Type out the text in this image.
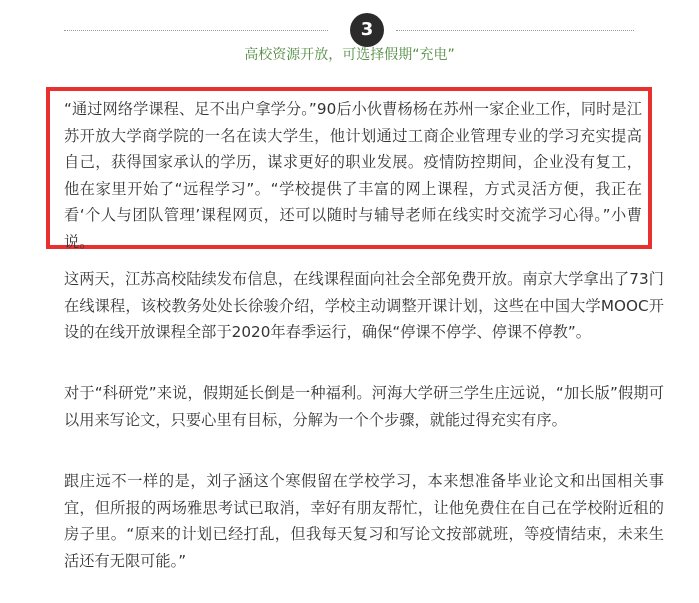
3
高校资源开放，可选择假期“充电”

“通过网络学课程、足不出户拿学分。”90后小伙曹杨杨在苏州一家企业工作，同时是江苏开放大学商学院的一名在读大学生，他计划通过工商企业管理专业的学习充实提高自己，获得国家承认的学历，谋求更好的职业发展。疫情防控期间，企业没有复工，他在家里开始了“远程学习”。“学校提供了丰富的网上课程，方式灵活方便，我正在看‘个人与团队管理’课程网页，还可以随时与辅导老师在线实时交流学习心得。”小曹说。

这两天，江苏高校陆续发布信息，在线课程面向社会全部免费开放。南京大学拿出了73门在线课程，该校教务处处长徐骏介绍，学校主动调整开课计划，这些在中国大学MOOC开设的在线开放课程全部于2020年春季运行，确保“停课不停学、停课不停教”。

对于“科研党”来说，假期延长倒是一种福利。河海大学研三学生庄远说，“加长版”假期可以用来写论文，只要心里有目标，分解为一个个步骤，就能过得充实有序。

跟庄远不一样的是，刘子涵这个寒假留在学校学习，本来想准备毕业论文和出国相关事宜，但所报的两场雅思考试已取消，幸好有朋友帮忙，让他免费住在自己在学校附近租的房子里。“原来的计划已经打乱，但我每天复习和写论文按部就班，等疫情结束，未来生活还有无限可能。”
